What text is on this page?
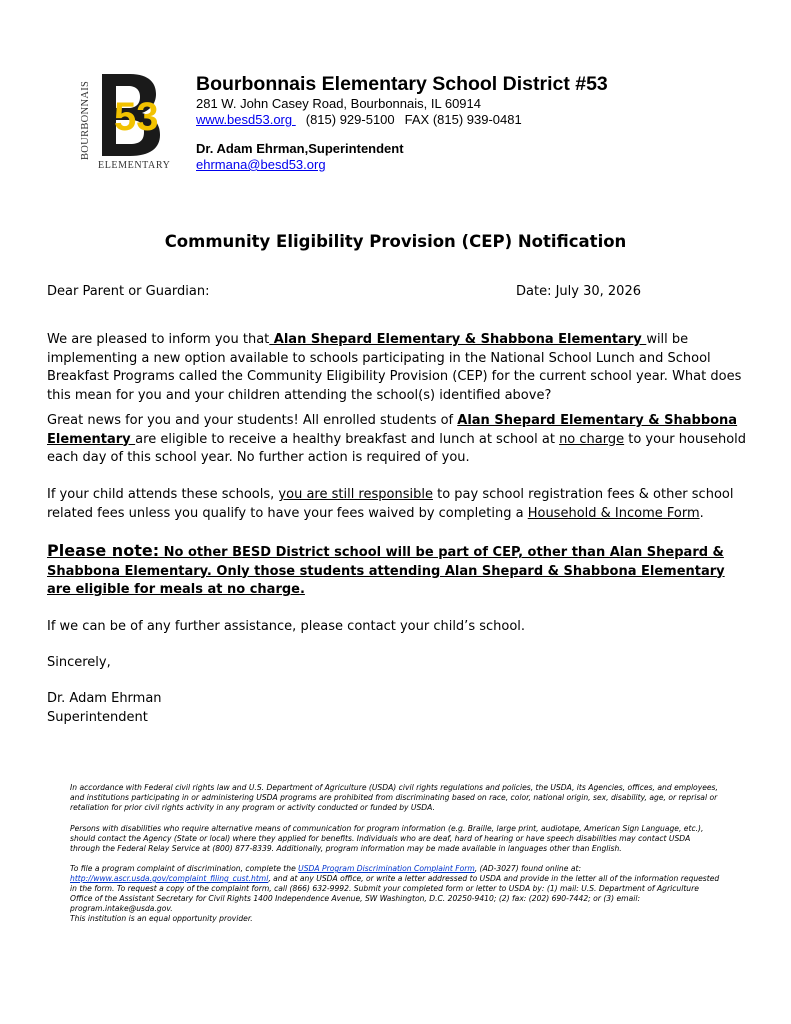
BOURBONNAIS 53
ELEMENTARY
Bourbonnais Elementary School District #53
281 W. John Casey Road, Bourbonnais, IL 60914
www.besd53.org (815) 929-5100 FAX (815) 939-0481
Dr. Adam Ehrman,Superintendent
ehrmana@besd53.org
Community Eligibility Provision (CEP) Notification
Dear Parent or Guardian:	Date: July 30, 2026
We are pleased to inform you that Alan Shepard Elementary & Shabbona Elementary will be implementing a new option available to schools participating in the National School Lunch and School Breakfast Programs called the Community Eligibility Provision (CEP) for the current school year. What does this mean for you and your children attending the school(s) identified above?
Great news for you and your students! All enrolled students of Alan Shepard Elementary & Shabbona Elementary are eligible to receive a healthy breakfast and lunch at school at no charge to your household each day of this school year. No further action is required of you.
If your child attends these schools, you are still responsible to pay school registration fees & other school related fees unless you qualify to have your fees waived by completing a Household & Income Form.
Please note: No other BESD District school will be part of CEP, other than Alan Shepard & Shabbona Elementary. Only those students attending Alan Shepard & Shabbona Elementary are eligible for meals at no charge.
If we can be of any further assistance, please contact your child’s school.
Sincerely,
Dr. Adam Ehrman
Superintendent
In accordance with Federal civil rights law and U.S. Department of Agriculture (USDA) civil rights regulations and policies, the USDA, its Agencies, offices, and employees, and institutions participating in or administering USDA programs are prohibited from discriminating based on race, color, national origin, sex, disability, age, or reprisal or retaliation for prior civil rights activity in any program or activity conducted or funded by USDA.
Persons with disabilities who require alternative means of communication for program information (e.g. Braille, large print, audiotape, American Sign Language, etc.), should contact the Agency (State or local) where they applied for benefits. Individuals who are deaf, hard of hearing or have speech disabilities may contact USDA through the Federal Relay Service at (800) 877-8339. Additionally, program information may be made available in languages other than English.
To file a program complaint of discrimination, complete the USDA Program Discrimination Complaint Form, (AD-3027) found online at: http://www.ascr.usda.gov/complaint_filing_cust.html, and at any USDA office, or write a letter addressed to USDA and provide in the letter all of the information requested in the form. To request a copy of the complaint form, call (866) 632-9992. Submit your completed form or letter to USDA by: (1) mail: U.S. Department of Agriculture Office of the Assistant Secretary for Civil Rights 1400 Independence Avenue, SW Washington, D.C. 20250-9410; (2) fax: (202) 690-7442; or (3) email: program.intake@usda.gov.
This institution is an equal opportunity provider.
